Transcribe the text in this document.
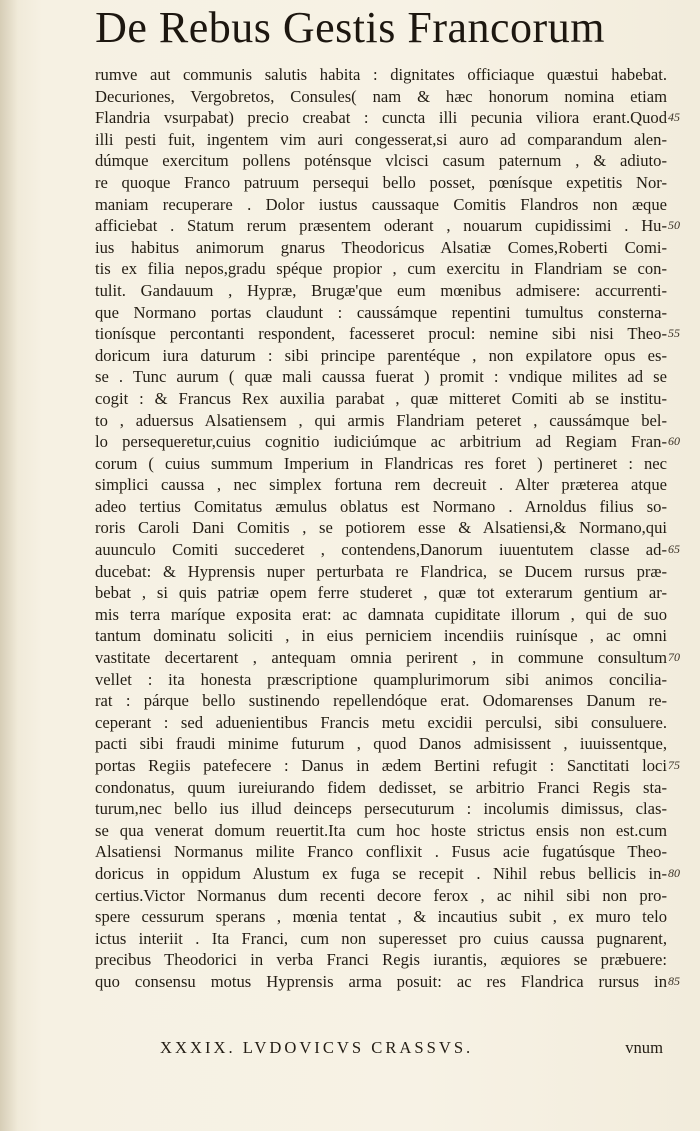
De Rebus Gestis Francorum
rumve aut communis salutis habita : dignitates officiaque quæstui habebat.
Decuriones, Vergobretos, Consules( nam & hæc honorum nomina etiam
Flandria vsurpabat) precio creabat : cuncta illi pecunia viliora erant.Quod
illi pesti fuit, ingentem vim auri congesserat,si auro ad comparandum alen-
dúmque exercitum pollens poténsque vlcisci casum paternum , & adiuto-
re quoque Franco patruum persequi bello posset, pœnísque expetitis Nor-
maniam recuperare . Dolor iustus caussaque Comitis Flandros non æque
afficiebat . Statum rerum præsentem oderant , nouarum cupidissimi . Hu-
ius habitus animorum gnarus Theodoricus Alsatiæ Comes,Roberti Comi-
tis ex filia nepos,gradu spéque propior , cum exercitu in Flandriam se con-
tulit. Gandauum , Hypræ, Brugæ'que eum mœnibus admisere: accurrenti-
que Normano portas claudunt : caussámque repentini tumultus consterna-
tionísque percontanti respondent, facesseret procul: nemine sibi nisi Theo-
doricum iura daturum : sibi principe parentéque , non expilatore opus es-
se . Tunc aurum ( quæ mali caussa fuerat ) promit : vndique milites ad se
cogit : & Francus Rex auxilia parabat , quæ mitteret Comiti ab se institu-
to , aduersus Alsatiensem , qui armis Flandriam peteret , caussámque bel-
lo persequeretur,cuius cognitio iudiciúmque ac arbitrium ad Regiam Fran-
corum ( cuius summum Imperium in Flandricas res foret ) pertineret : nec
simplici caussa , nec simplex fortuna rem decreuit . Alter præterea atque
adeo tertius Comitatus æmulus oblatus est Normano . Arnoldus filius so-
roris Caroli Dani Comitis , se potiorem esse & Alsatiensi,& Normano,qui
auunculo Comiti succederet , contendens,Danorum iuuentutem classe ad-
ducebat: & Hyprensis nuper perturbata re Flandrica, se Ducem rursus præ-
bebat , si quis patriæ opem ferre studeret , quæ tot exterarum gentium ar-
mis terra maríque exposita erat: ac damnata cupiditate illorum , qui de suo
tantum dominatu soliciti , in eius perniciem incendiis ruinísque , ac omni
vastitate decertarent , antequam omnia perirent , in commune consultum
vellet : ita honesta præscriptione quamplurimorum sibi animos concilia-
rat : párque bello sustinendo repellendóque erat. Odomarenses Danum re-
ceperant : sed aduenientibus Francis metu excidii perculsi, sibi consuluere.
pacti sibi fraudi minime futurum , quod Danos admisissent , iuuissentque,
portas Regiis patefecere : Danus in ædem Bertini refugit : Sanctitati loci
condonatus, quum iureiurando fidem dedisset, se arbitrio Franci Regis sta-
turum,nec bello ius illud deinceps persecuturum : incolumis dimissus, clas-
se qua venerat domum reuertit.Ita cum hoc hoste strictus ensis non est.cum
Alsatiensi Normanus milite Franco conflixit . Fusus acie fugatúsque Theo-
doricus in oppidum Alustum ex fuga se recepit . Nihil rebus bellicis in-
certius.Victor Normanus dum recenti decore ferox , ac nihil sibi non pro-
spere cessurum sperans , mœnia tentat , & incautius subit , ex muro telo
ictus interiit . Ita Franci, cum non superesset pro cuius caussa pugnarent,
precibus Theodorici in verba Franci Regis iurantis, æquiores se præbuere:
quo consensu motus Hyprensis arma posuit: ac res Flandrica rursus in
45
50
55
60
65
70
75
80
85
XXXIX. LVDOVICVS CRASSVS.	vnum
